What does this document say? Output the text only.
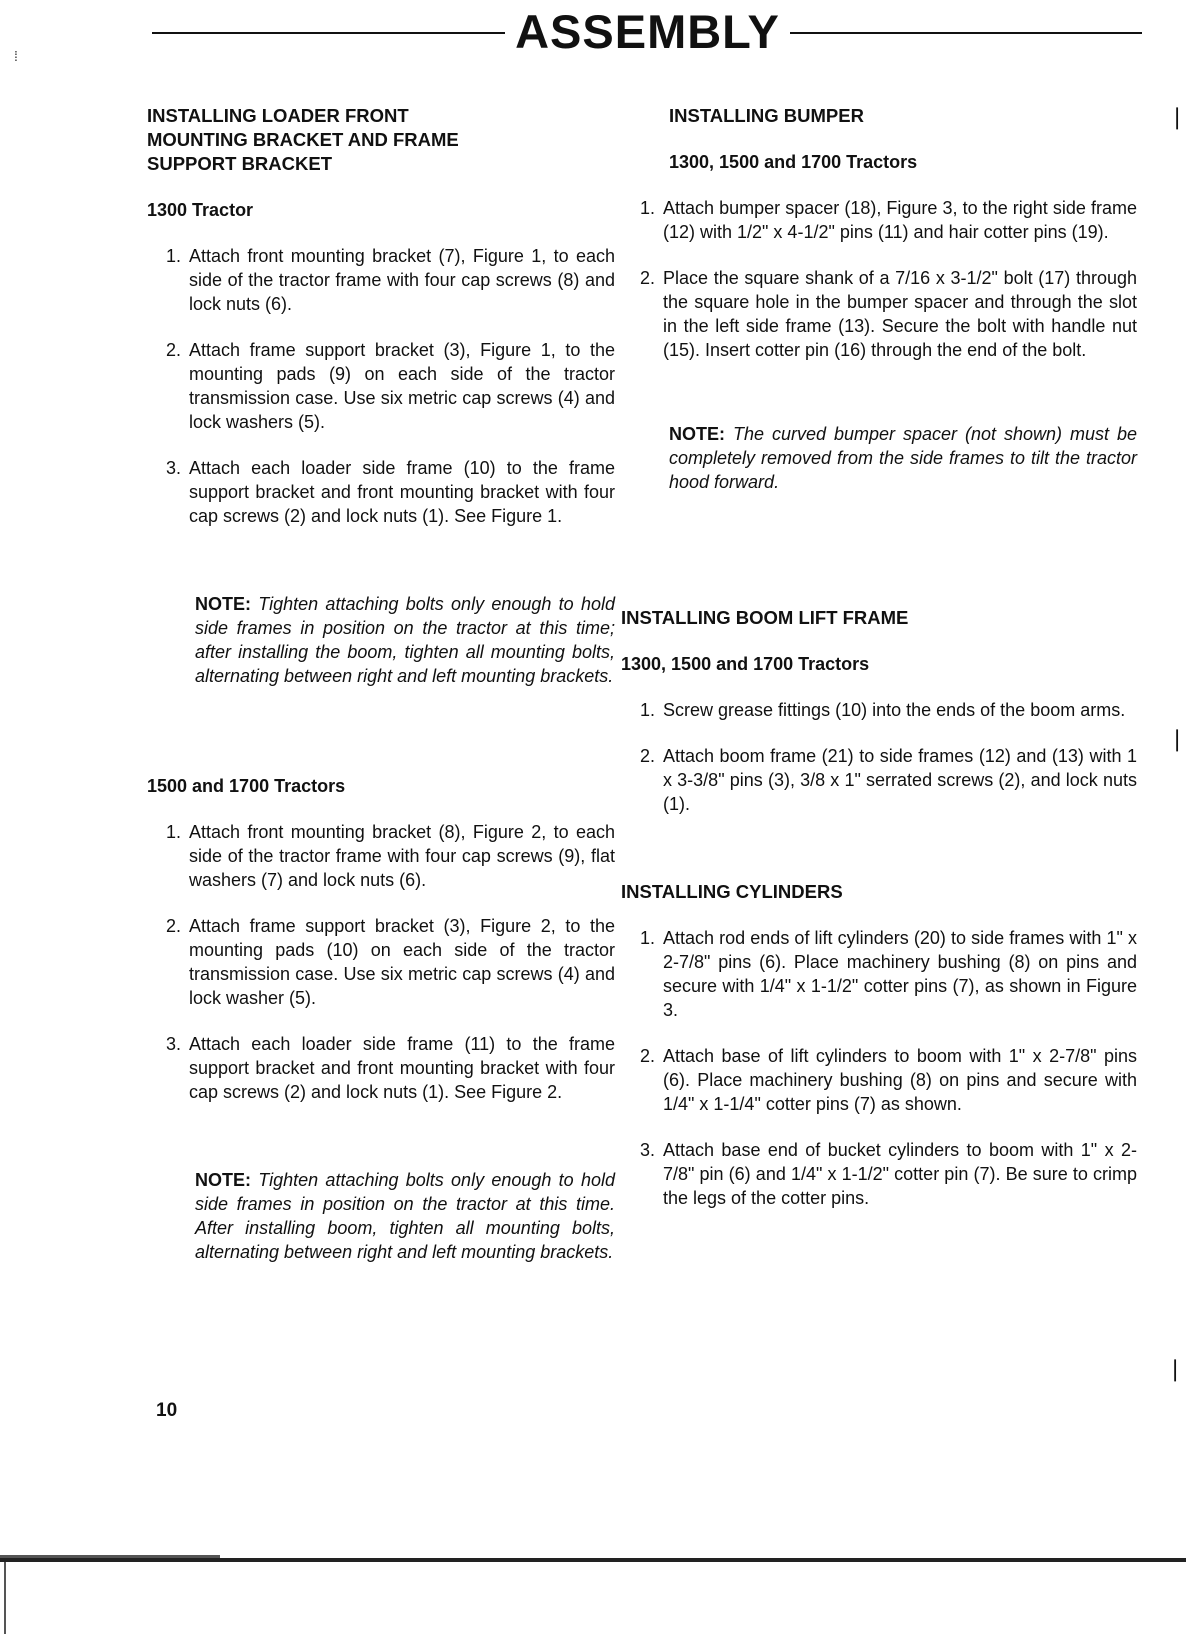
ASSEMBLY
⁞
INSTALLING LOADER FRONT
MOUNTING BRACKET AND FRAME
SUPPORT BRACKET
1300 Tractor
1. Attach front mounting bracket (7), Figure 1, to each side of the tractor frame with four cap screws (8) and lock nuts (6).
2. Attach frame support bracket (3), Figure 1, to the mounting pads (9) on each side of the tractor transmission case. Use six metric cap screws (4) and lock washers (5).
3. Attach each loader side frame (10) to the frame support bracket and front mounting bracket with four cap screws (2) and lock nuts (1). See Figure 1.
NOTE: Tighten attaching bolts only enough to hold side frames in position on the tractor at this time; after installing the boom, tighten all mounting bolts, alternating between right and left mounting brackets.
1500 and 1700 Tractors
1. Attach front mounting bracket (8), Figure 2, to each side of the tractor frame with four cap screws (9), flat washers (7) and lock nuts (6).
2. Attach frame support bracket (3), Figure 2, to the mounting pads (10) on each side of the tractor transmission case. Use six metric cap screws (4) and lock washer (5).
3. Attach each loader side frame (11) to the frame support bracket and front mounting bracket with four cap screws (2) and lock nuts (1). See Figure 2.
NOTE: Tighten attaching bolts only enough to hold side frames in position on the tractor at this time. After installing boom, tighten all mounting bolts, alternating between right and left mounting brackets.
INSTALLING BUMPER
1300, 1500 and 1700 Tractors
1. Attach bumper spacer (18), Figure 3, to the right side frame (12) with 1/2" x 4-1/2" pins (11) and hair cotter pins (19).
2. Place the square shank of a 7/16 x 3-1/2" bolt (17) through the square hole in the bumper spacer and through the slot in the left side frame (13). Secure the bolt with handle nut (15). Insert cotter pin (16) through the end of the bolt.
NOTE: The curved bumper spacer (not shown) must be completely removed from the side frames to tilt the tractor hood forward.
INSTALLING BOOM LIFT FRAME
1300, 1500 and 1700 Tractors
1. Screw grease fittings (10) into the ends of the boom arms.
2. Attach boom frame (21) to side frames (12) and (13) with 1 x 3-3/8" pins (3), 3/8 x 1" serrated screws (2), and lock nuts (1).
INSTALLING CYLINDERS
1. Attach rod ends of lift cylinders (20) to side frames with 1" x 2-7/8" pins (6). Place machinery bushing (8) on pins and secure with 1/4" x 1-1/2" cotter pins (7), as shown in Figure 3.
2. Attach base of lift cylinders to boom with 1" x 2-7/8" pins (6). Place machinery bushing (8) on pins and secure with 1/4" x 1-1/4" cotter pins (7) as shown.
3. Attach base end of bucket cylinders to boom with 1" x 2-7/8" pin (6) and 1/4" x 1-1/2" cotter pin (7). Be sure to crimp the legs of the cotter pins.
10
❘
❘
❘
